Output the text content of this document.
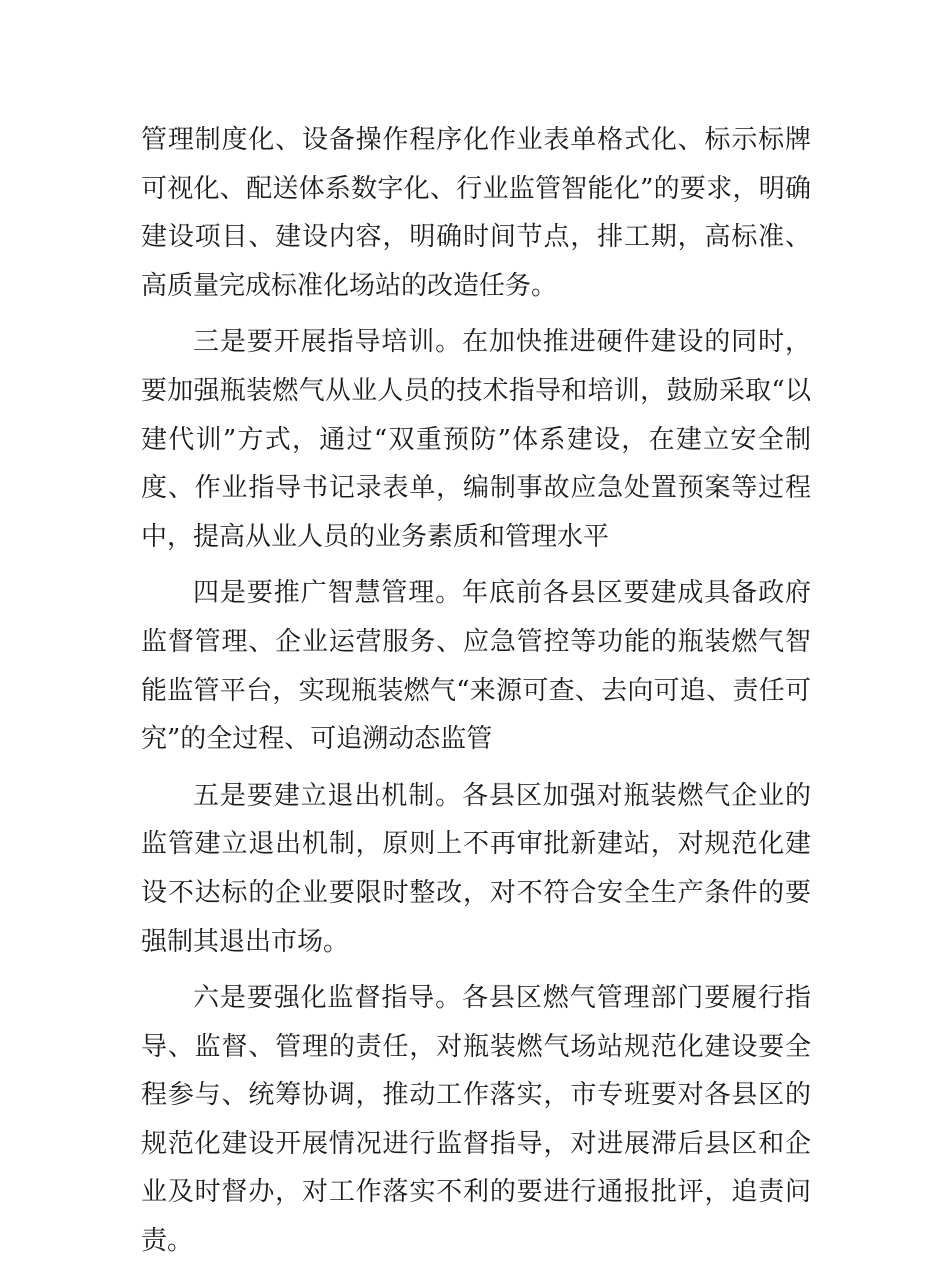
管理制度化、设备操作程序化作业表单格式化、标示标牌可视化、配送体系数字化、行业监管智能化”的要求，明确建设项目、建设内容，明确时间节点，排工期，高标准、高质量完成标准化场站的改造任务。

三是要开展指导培训。在加快推进硬件建设的同时，要加强瓶装燃气从业人员的技术指导和培训，鼓励采取“以建代训”方式，通过“双重预防”体系建设，在建立安全制度、作业指导书记录表单，编制事故应急处置预案等过程中，提高从业人员的业务素质和管理水平

四是要推广智慧管理。年底前各县区要建成具备政府监督管理、企业运营服务、应急管控等功能的瓶装燃气智能监管平台，实现瓶装燃气“来源可查、去向可追、责任可究”的全过程、可追溯动态监管

五是要建立退出机制。各县区加强对瓶装燃气企业的监管建立退出机制，原则上不再审批新建站，对规范化建设不达标的企业要限时整改，对不符合安全生产条件的要强制其退出市场。

六是要强化监督指导。各县区燃气管理部门要履行指导、监督、管理的责任，对瓶装燃气场站规范化建设要全程参与、统筹协调，推动工作落实，市专班要对各县区的规范化建设开展情况进行监督指导，对进展滞后县区和企业及时督办，对工作落实不利的要进行通报批评，追责问责。
